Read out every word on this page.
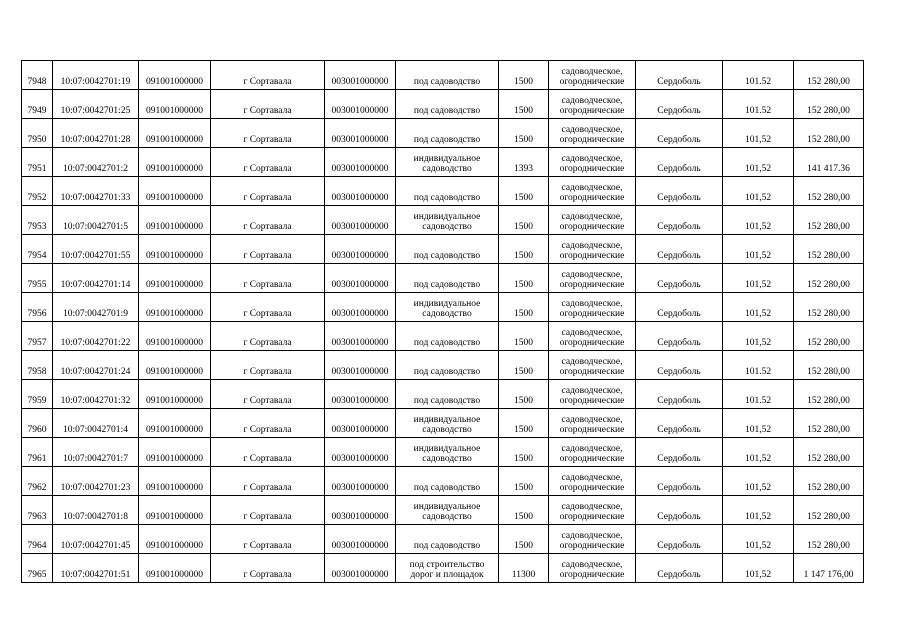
7948	10:07:0042701:19	091001000000	г Сортавала	003001000000	под садоводство	1500	садоводческое, огороднические	Сердоболь	101.52	152 280,00
7949	10:07:0042701:25	091001000000	г Сортавала	003001000000	под садоводство	1500	садоводческое, огороднические	Сердоболь	101.52	152 280,00
7950	10:07:0042701:28	091001000000	г Сортавала	003001000000	под садоводство	1500	садоводческое, огороднические	Сердоболь	101,52	152 280,00
7951	10:07:0042701:2	091001000000	г Сортавала	003001000000	индивидуальное садоводство	1393	садоводческое, огороднические	Сердоболь	101,52	141 417.36
7952	10:07:0042701:33	091001000000	г Сортавала	003001000000	под садоводство	1500	садоводческое, огороднические	Сердоболь	101,52	152 280,00
7953	10:07:0042701:5	091001000000	г Сортавала	003001000000	индивидуальное садоводство	1500	садоводческое, огороднические	Сердоболь	101,52	152 280,00
7954	10:07:0042701:55	091001000000	г Сортавала	003001000000	под садоводство	1500	садоводческое, огороднические	Сердоболь	101,52	152 280,00
7955	10:07:0042701:14	091001000000	г Сортавала	003001000000	под садоводство	1500	садоводческое, огороднические	Сердоболь	101,52	152 280,00
7956	10:07:0042701:9	091001000000	г Сортавала	003001000000	индивидуальное садоводство	1500	садоводческое, огороднические	Сердоболь	101,52	152 280,00
7957	10:07:0042701:22	091001000000	г Сортавала	003001000000	под садоводство	1500	садоводческое, огороднические	Сердоболь	101,52	152 280,00
7958	10:07:0042701:24	091001000000	г Сортавала	003001000000	под садоводство	1500	садоводческое, огороднические	Сердоболь	101.52	152 280,00
7959	10:07:0042701:32	091001000000	г Сортавала	003001000000	под садоводство	1500	садоводческое, огороднические	Сердоболь	101.52	152 280,00
7960	10:07:0042701:4	091001000000	г Сортавала	003001000000	индивидуальное садоводство	1500	садоводческое, огороднические	Сердоболь	101,52	152 280,00
7961	10:07:0042701:7	091001000000	г Сортавала	003001000000	индивидуальное садоводство	1500	садоводческое, огороднические	Сердоболь	101,52	152 280,00
7962	10:07:0042701:23	091001000000	г Сортавала	003001000000	под садоводство	1500	садоводческое, огороднические	Сердоболь	101,52	152 280,00
7963	10:07:0042701:8	091001000000	г Сортавала	003001000000	индивидуальное садоводство	1500	садоводческое, огороднические	Сердоболь	101,52	152 280,00
7964	10:07:0042701:45	091001000000	г Сортавала	003001000000	под садоводство	1500	садоводческое, огороднические	Сердоболь	101,52	152 280,00
7965	10:07:0042701:51	091001000000	г Сортавала	003001000000	под строительство дорог и площадок	11300	садоводческое, огороднические	Сердоболь	101,52	1 147 176,00
